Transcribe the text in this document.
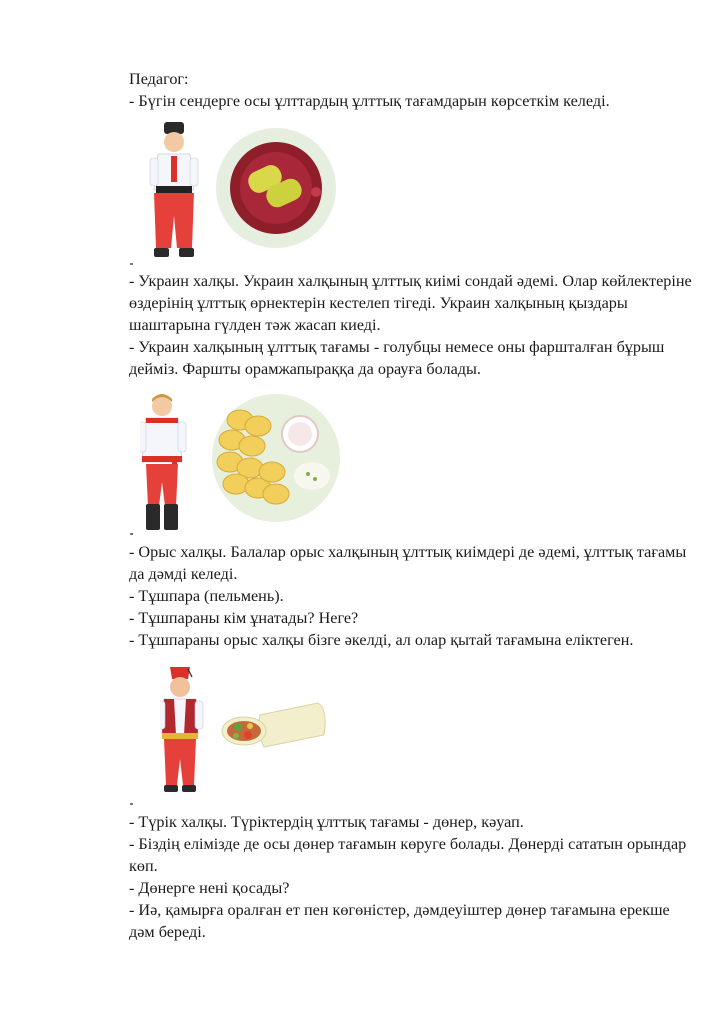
Педагог:

- Бүгін сендерге осы ұлттардың ұлттық тағамдарын көрсеткім келеді.

- Украин халқы. Украин халқының ұлттық киімі сондай әдемі. Олар көйлектеріне өздерінің ұлттық өрнектерін кестелеп тігеді. Украин халқының қыздары шаштарына гүлден тәж жасап киеді.

- Украин халқының ұлттық тағамы - голубцы немесе оны фаршталған бұрыш дейміз. Фаршты орамжапыраққа да орауға болады.

- Орыс халқы. Балалар орыс халқының ұлттық киімдері де әдемі, ұлттық тағамы да дәмді келеді.

- Тұшпара (пельмень).

- Тұшпараны кім ұнатады? Неге?

- Тұшпараны орыс халқы бізге әкелді, ал олар қытай тағамына еліктеген.

- Түрік халқы. Түріктердің ұлттық тағамы - дөнер, кәуап.

- Біздің елімізде де осы дөнер тағамын көруге болады. Дөнерді сататын орындар көп.

- Дөнерге нені қосады?

- Иә, қамырға оралған ет пен көгөністер, дәмдеуіштер дөнер тағамына ерекше дәм береді.
